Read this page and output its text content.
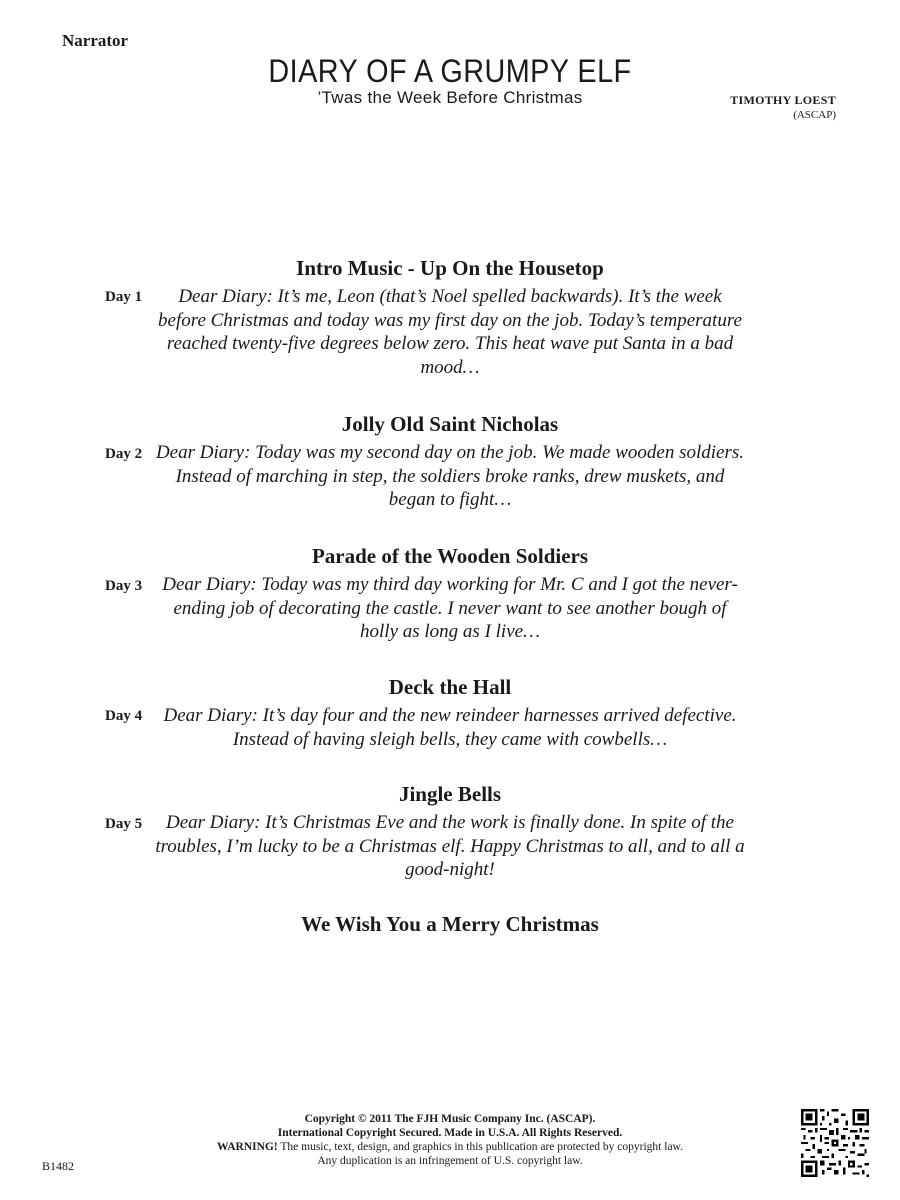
Narrator
DIARY OF A GRUMPY ELF
’Twas the Week Before Christmas	TIMOTHY LOEST
(ASCAP)
Intro Music - Up On the Housetop
Day 1	Dear Diary: It’s me, Leon (that’s Noel spelled backwards). It’s the week before Christmas and today was my first day on the job. Today’s temperature reached twenty-five degrees below zero. This heat wave put Santa in a bad mood…
Jolly Old Saint Nicholas
Day 2 Dear Diary: Today was my second day on the job. We made wooden soldiers. Instead of marching in step, the soldiers broke ranks, drew muskets, and began to fight…
Parade of the Wooden Soldiers
Day 3	Dear Diary: Today was my third day working for Mr. C and I got the never-ending job of decorating the castle. I never want to see another bough of holly as long as I live…
Deck the Hall
Day 4	Dear Diary: It’s day four and the new reindeer harnesses arrived defective. Instead of having sleigh bells, they came with cowbells…
Jingle Bells
Day 5	Dear Diary: It’s Christmas Eve and the work is finally done. In spite of the troubles, I’m lucky to be a Christmas elf. Happy Christmas to all, and to all a good-night!
We Wish You a Merry Christmas
Copyright © 2011 The FJH Music Company Inc. (ASCAP).
International Copyright Secured. Made in U.S.A. All Rights Reserved.
WARNING! The music, text, design, and graphics in this publication are protected by copyright law.
Any duplication is an infringement of U.S. copyright law.
B1482
